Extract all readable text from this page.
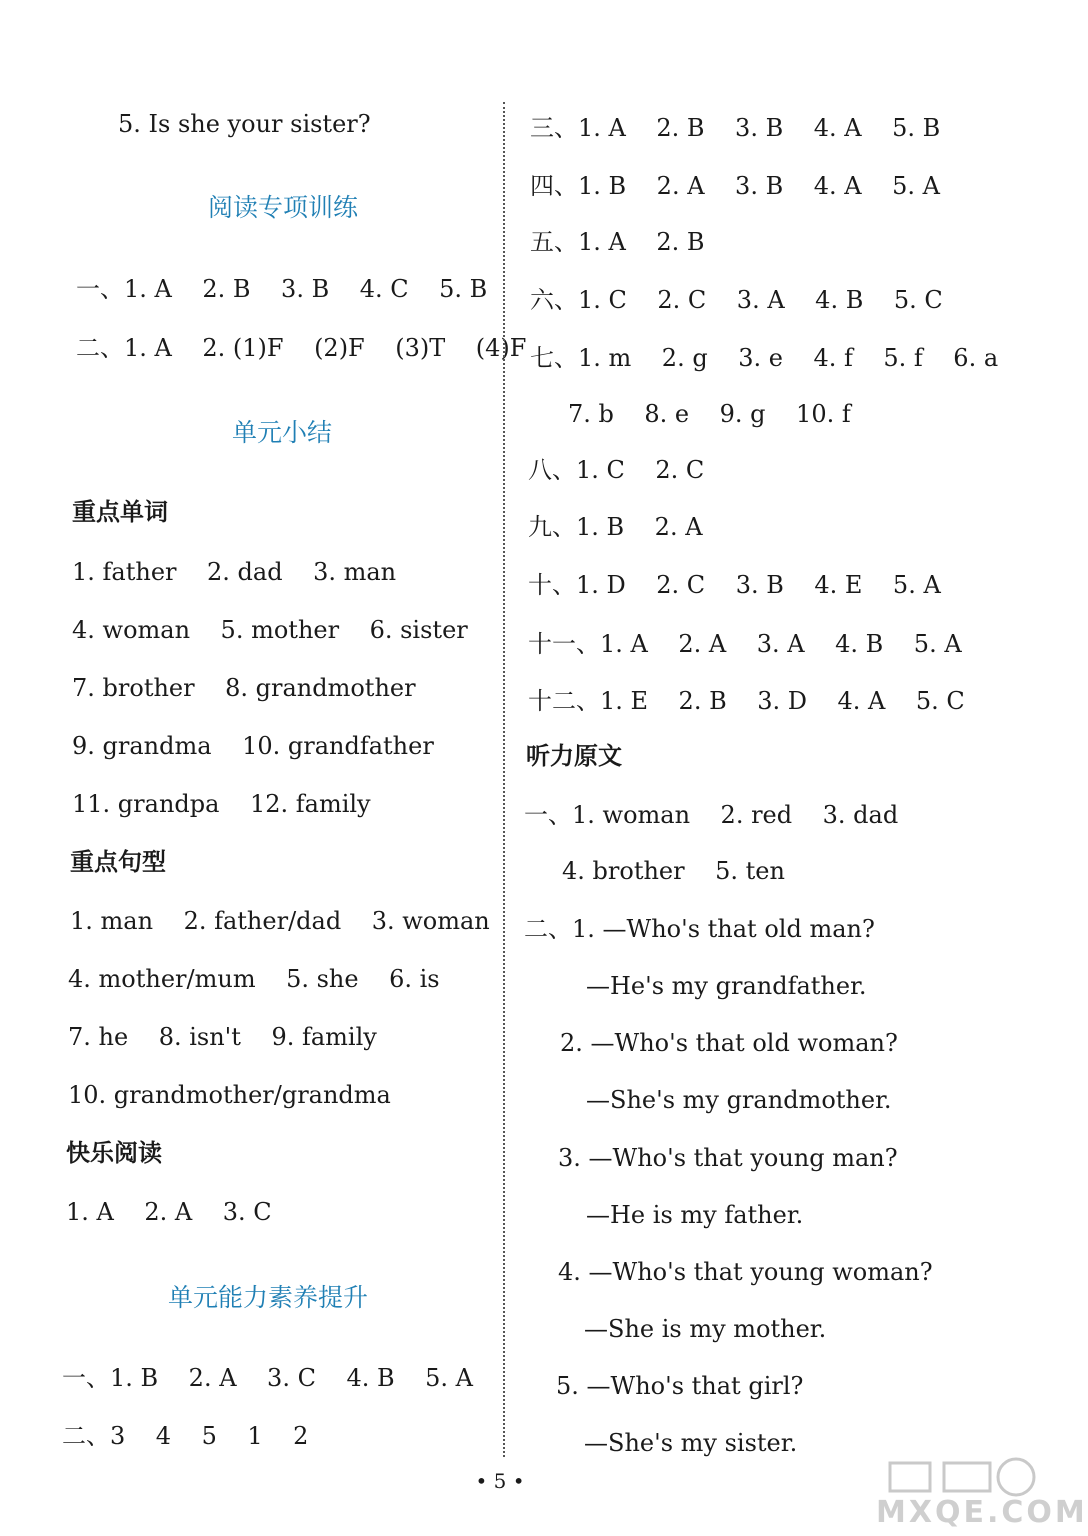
5. Is she your sister?
阅读专项训练
一、1. A    2. B    3. B    4. C    5. B
二、1. A    2. (1)F    (2)F    (3)T    (4)F
单元小结
重点单词
1. father    2. dad    3. man
4. woman    5. mother    6. sister
7. brother    8. grandmother
9. grandma    10. grandfather
11. grandpa    12. family
重点句型
1. man    2. father/dad    3. woman
4. mother/mum    5. she    6. is
7. he    8. isn't    9. family
10. grandmother/grandma
快乐阅读
1. A    2. A    3. C
单元能力素养提升
一、1. B    2. A    3. C    4. B    5. A
二、3    4    5    1    2
三、1. A    2. B    3. B    4. A    5. B
四、1. B    2. A    3. B    4. A    5. A
五、1. A    2. B
六、1. C    2. C    3. A    4. B    5. C
七、1. m    2. g    3. e    4. f    5. f    6. a
7. b    8. e    9. g    10. f
八、1. C    2. C
九、1. B    2. A
十、1. D    2. C    3. B    4. E    5. A
十一、1. A    2. A    3. A    4. B    5. A
十二、1. E    2. B    3. D    4. A    5. C
听力原文
一、1. woman    2. red    3. dad
4. brother    5. ten
二、1. —Who's that old man?
—He's my grandfather.
2. —Who's that old woman?
—She's my grandmother.
3. —Who's that young man?
—He is my father.
4. —Who's that young woman?
—She is my mother.
5. —Who's that girl?
—She's my sister.
• 5 •
MXQE.COM
